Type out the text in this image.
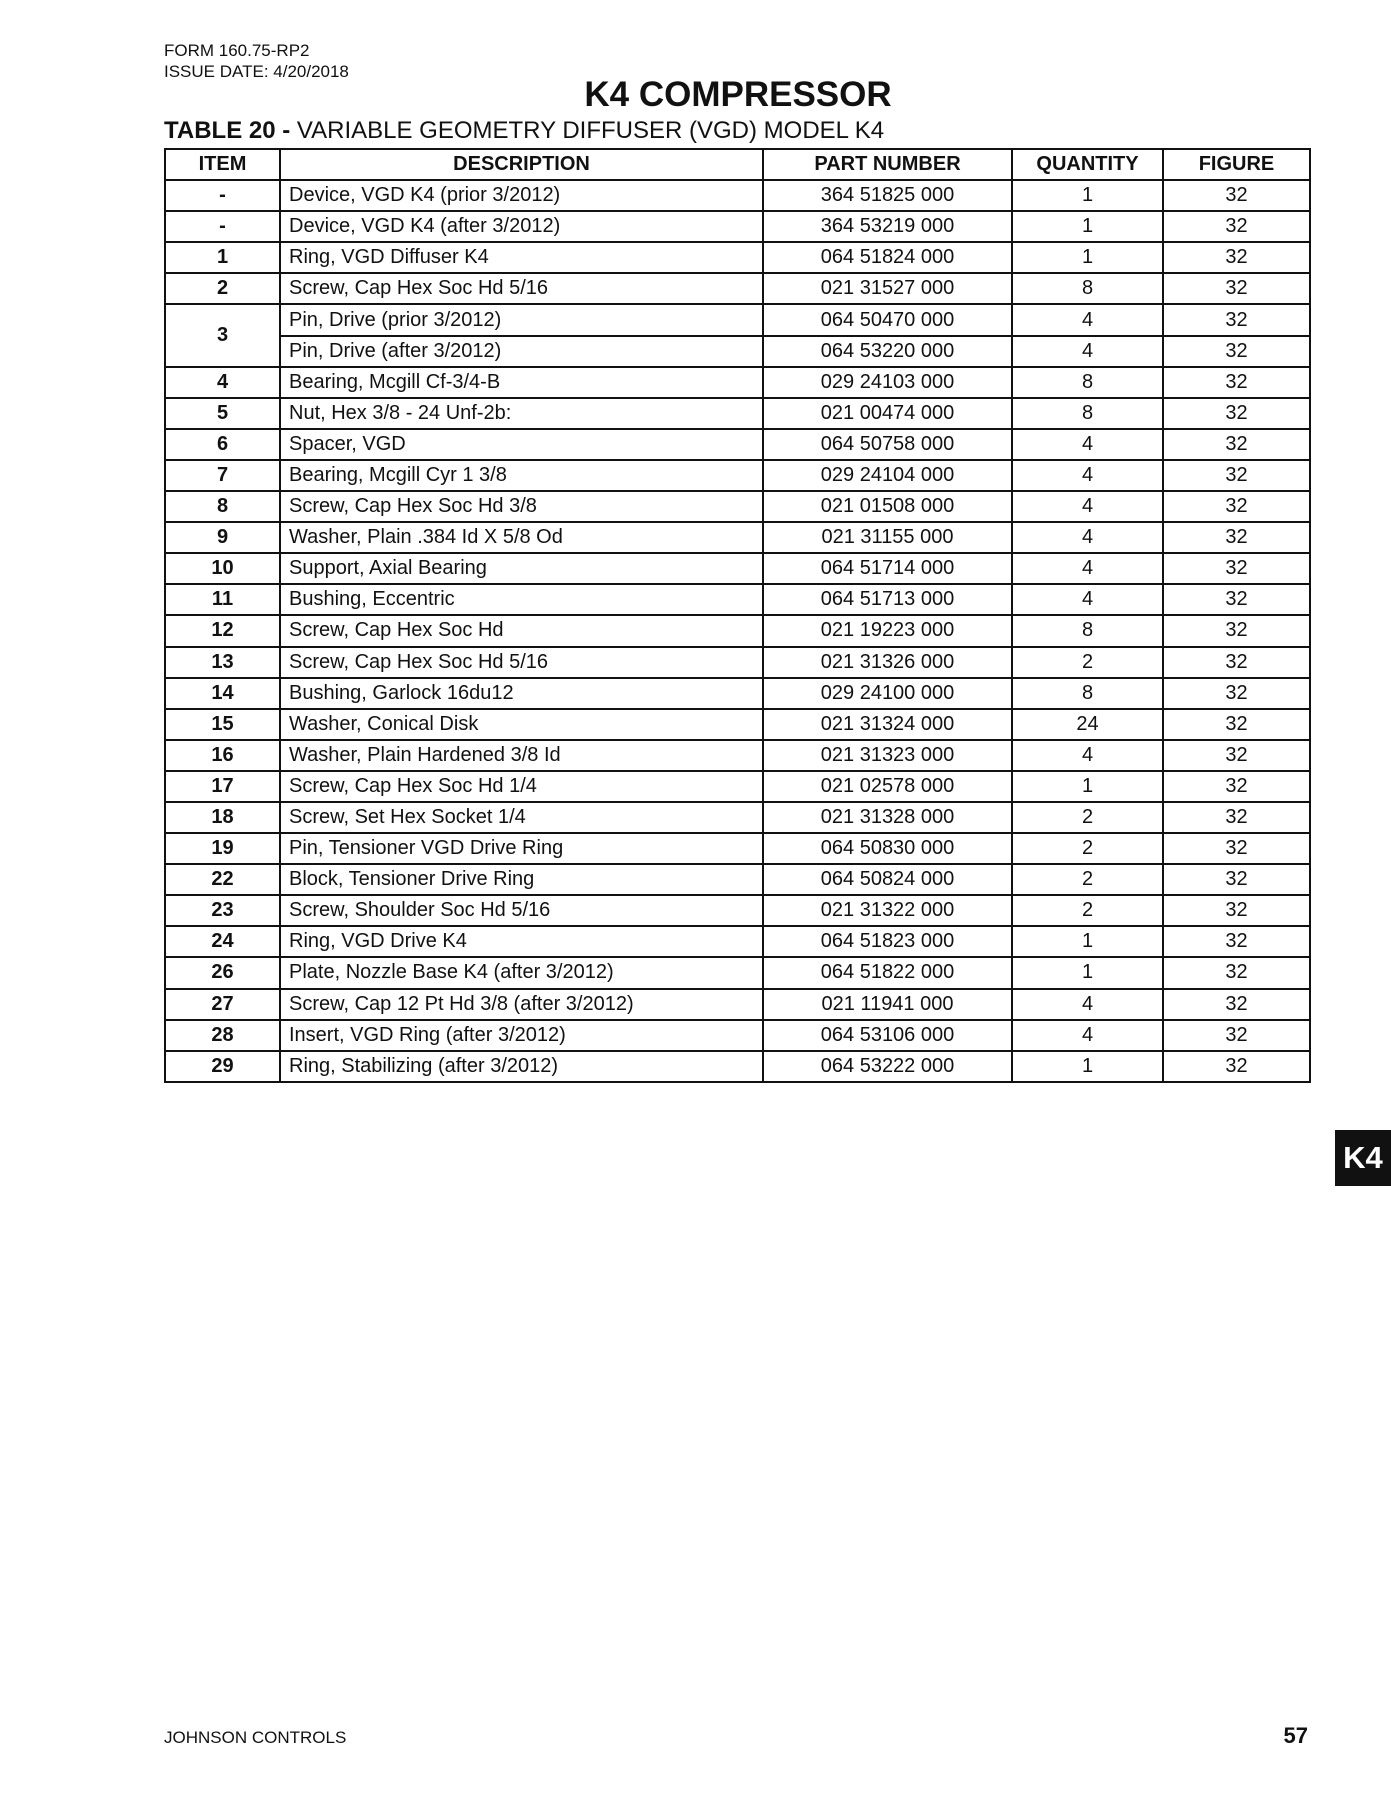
FORM 160.75-RP2
ISSUE DATE: 4/20/2018
K4 COMPRESSOR
TABLE 20 - VARIABLE GEOMETRY DIFFUSER (VGD) MODEL K4
ITEM	DESCRIPTION	PART NUMBER	QUANTITY	FIGURE
-	Device, VGD K4 (prior 3/2012)	364 51825 000	1	32
-	Device, VGD K4 (after 3/2012)	364 53219 000	1	32
1	Ring, VGD Diffuser K4	064 51824 000	1	32
2	Screw, Cap Hex Soc Hd 5/16	021 31527 000	8	32
3	Pin, Drive (prior 3/2012)	064 50470 000	4	32
	Pin, Drive (after 3/2012)	064 53220 000	4	32
4	Bearing, Mcgill Cf-3/4-B	029 24103 000	8	32
5	Nut, Hex 3/8 - 24 Unf-2b:	021 00474 000	8	32
6	Spacer, VGD	064 50758 000	4	32
7	Bearing, Mcgill Cyr 1 3/8	029 24104 000	4	32
8	Screw, Cap Hex Soc Hd 3/8	021 01508 000	4	32
9	Washer, Plain .384 Id X 5/8 Od	021 31155 000	4	32
10	Support, Axial Bearing	064 51714 000	4	32
11	Bushing, Eccentric	064 51713 000	4	32
12	Screw, Cap Hex Soc Hd	021 19223 000	8	32
13	Screw, Cap Hex Soc Hd 5/16	021 31326 000	2	32
14	Bushing, Garlock 16du12	029 24100 000	8	32
15	Washer, Conical Disk	021 31324 000	24	32
16	Washer, Plain Hardened 3/8 Id	021 31323 000	4	32
17	Screw, Cap Hex Soc Hd 1/4	021 02578 000	1	32
18	Screw, Set Hex Socket 1/4	021 31328 000	2	32
19	Pin, Tensioner VGD Drive Ring	064 50830 000	2	32
22	Block, Tensioner Drive Ring	064 50824 000	2	32
23	Screw, Shoulder Soc Hd 5/16	021 31322 000	2	32
24	Ring, VGD Drive K4	064 51823 000	1	32
26	Plate, Nozzle Base K4 (after 3/2012)	064 51822 000	1	32
27	Screw, Cap 12 Pt Hd 3/8 (after 3/2012)	021 11941 000	4	32
28	Insert, VGD Ring (after 3/2012)	064 53106 000	4	32
29	Ring, Stabilizing (after 3/2012)	064 53222 000	1	32
K4
JOHNSON CONTROLS	57
